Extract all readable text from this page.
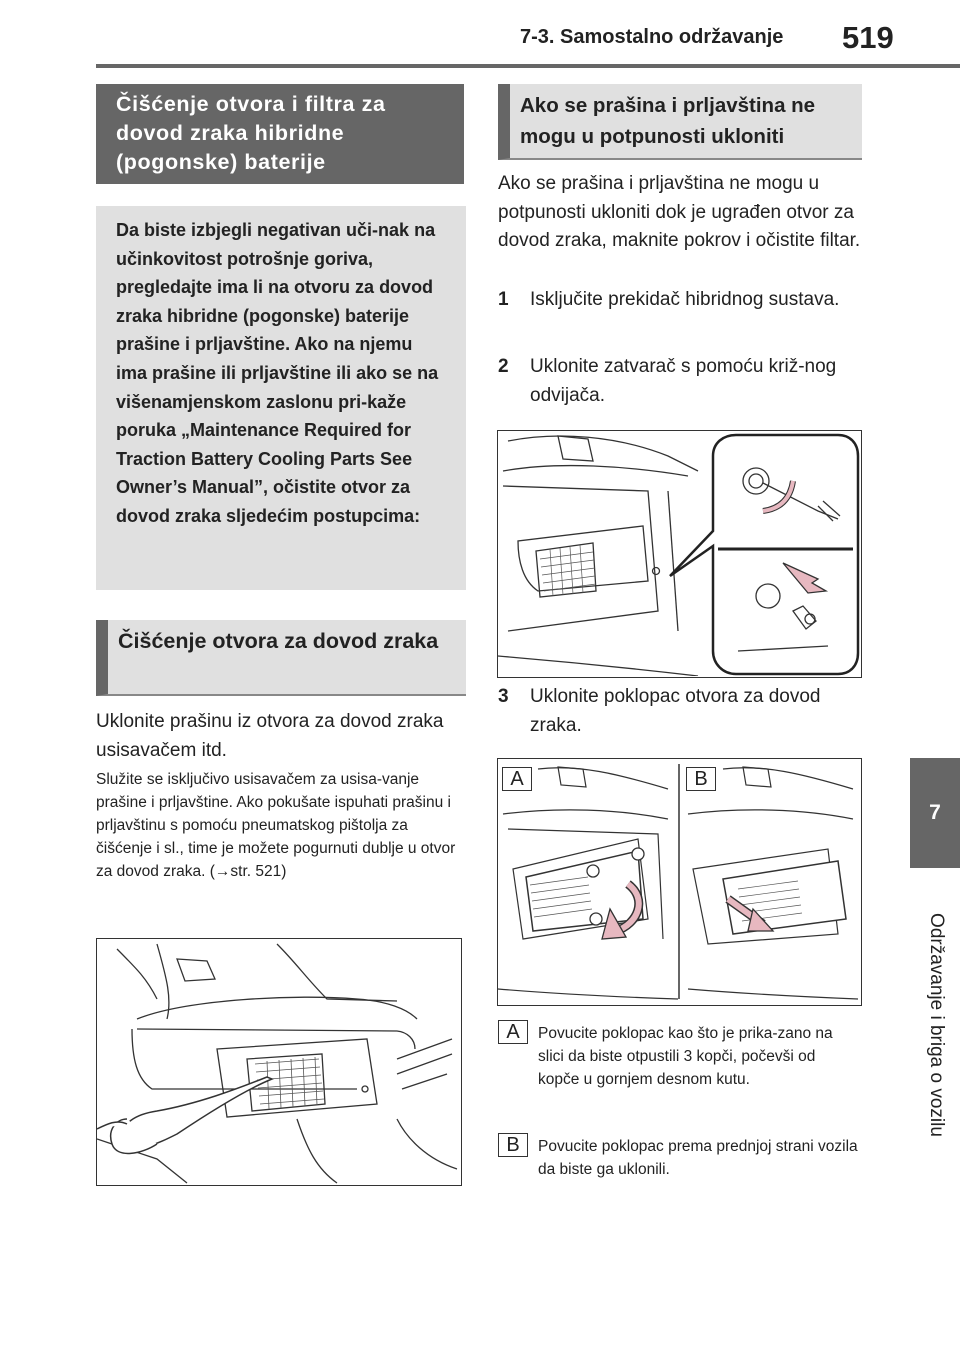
7-3. Samostalno održavanje 519
7
Održavanje i briga o vozilu
Čišćenje otvora i filtra za dovod zraka hibridne (pogonske) baterije
Da biste izbjegli negativan uči-nak na učinkovitost potrošnje goriva, pregledajte ima li na otvoru za dovod zraka hibridne (pogonske) baterije prašine i prljavštine. Ako na njemu ima prašine ili prljavštine ili ako se na višenamjenskom zaslonu pri-kaže poruka „Maintenance Required for Traction Battery Cooling Parts See Owner’s Manual”, očistite otvor za dovod zraka sljedećim postupcima:
Čišćenje otvora za dovod zraka
Uklonite prašinu iz otvora za dovod zraka usisavačem itd.
Služite se isključivo usisavačem za usisa-vanje prašine i prljavštine. Ako pokušate ispuhati prašinu i prljavštinu s pomoću pneumatskog pištolja za čišćenje i sl., time je možete pogurnuti dublje u otvor za dovod zraka. (→str. 521)
Ako se prašina i prljavština ne mogu u potpunosti ukloniti
Ako se prašina i prljavština ne mogu u potpunosti ukloniti dok je ugrađen otvor za dovod zraka, maknite pokrov i očistite filtar.
1 Isključite prekidač hibridnog sustava.
2 Uklonite zatvarač s pomoću križ-nog odvijača.
3 Uklonite poklopac otvora za dovod zraka.
A	B
A	Povucite poklopac kao što je prika-zano na slici da biste otpustili 3 kopči, počevši od kopče u gornjem desnom kutu.
B	Povucite poklopac prema prednjoj strani vozila da biste ga uklonili.
